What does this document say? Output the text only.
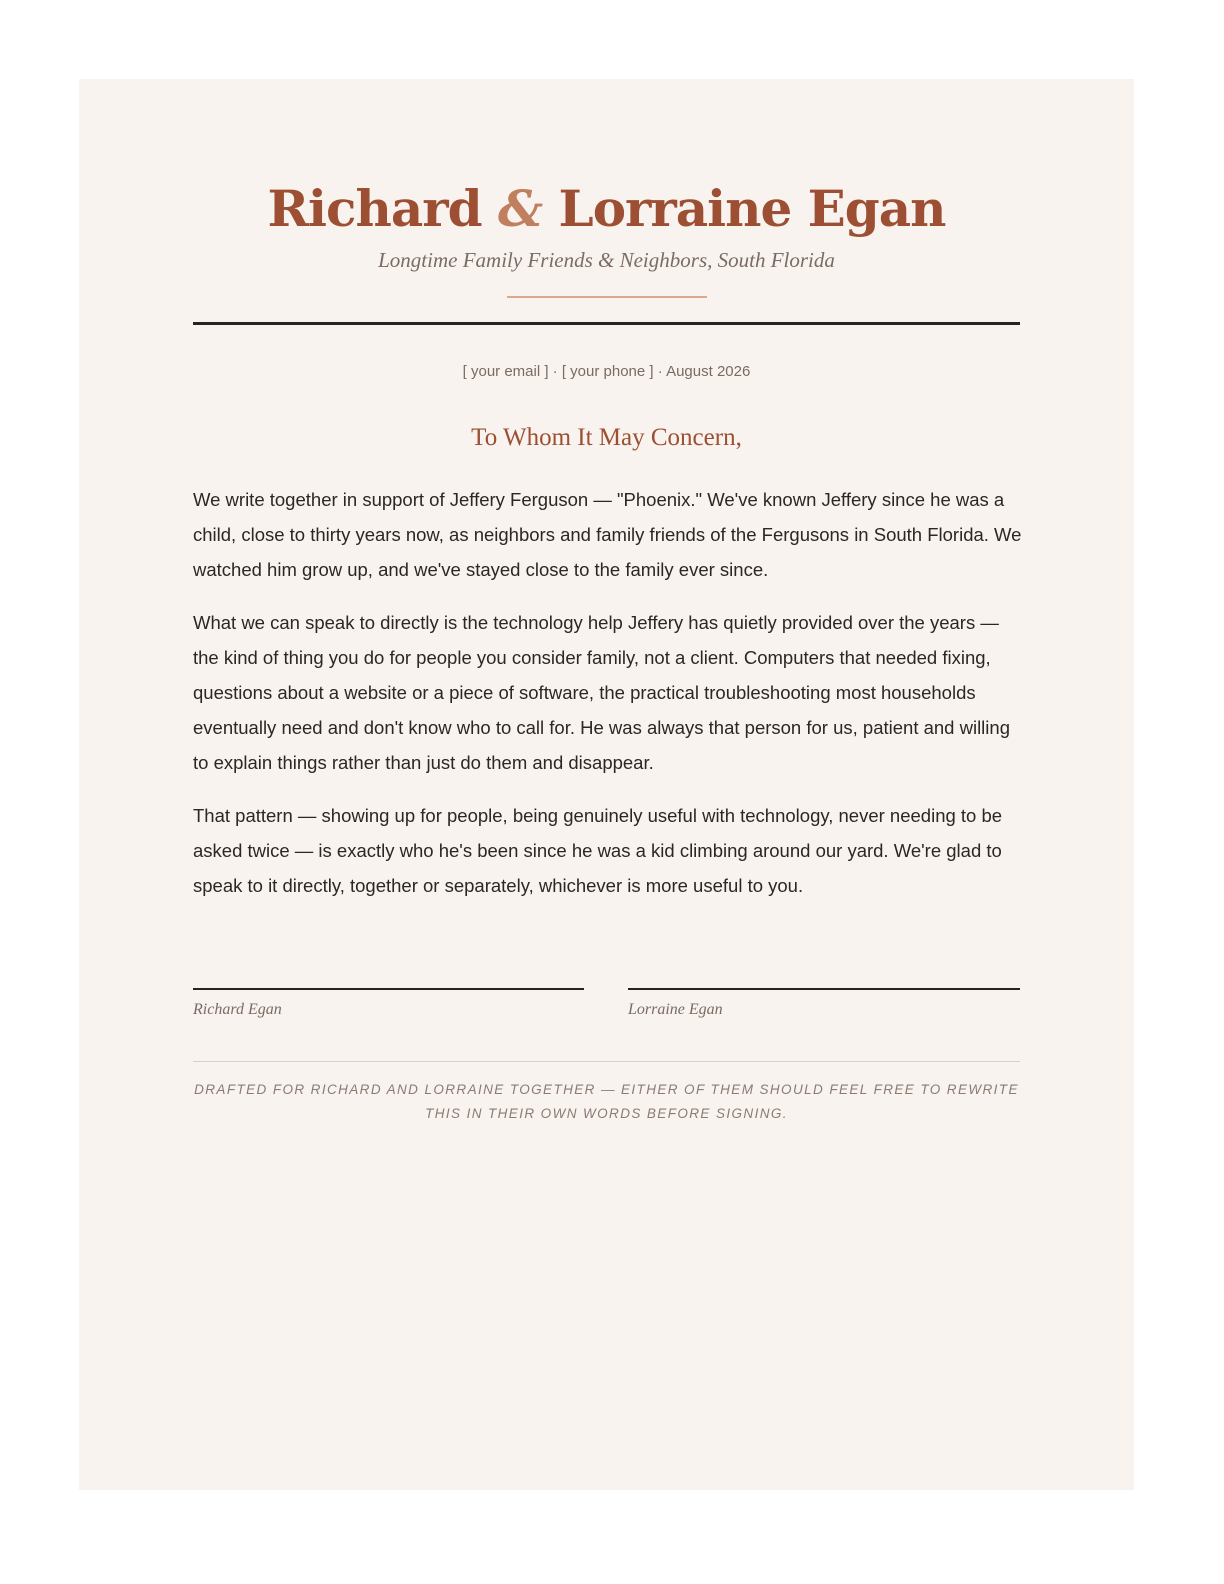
Richard & Lorraine Egan
Longtime Family Friends & Neighbors, South Florida
[ your email ] · [ your phone ] · August 2026
To Whom It May Concern,

We write together in support of Jeffery Ferguson — "Phoenix." We've known Jeffery since he was a child, close to thirty years now, as neighbors and family friends of the Fergusons in South Florida. We watched him grow up, and we've stayed close to the family ever since.

What we can speak to directly is the technology help Jeffery has quietly provided over the years — the kind of thing you do for people you consider family, not a client. Computers that needed fixing, questions about a website or a piece of software, the practical troubleshooting most households eventually need and don't know who to call for. He was always that person for us, patient and willing to explain things rather than just do them and disappear.

That pattern — showing up for people, being genuinely useful with technology, never needing to be asked twice — is exactly who he's been since he was a kid climbing around our yard. We're glad to speak to it directly, together or separately, whichever is more useful to you.

Richard Egan	Lorraine Egan
DRAFTED FOR RICHARD AND LORRAINE TOGETHER — EITHER OF THEM SHOULD FEEL FREE TO REWRITE THIS IN THEIR OWN WORDS BEFORE SIGNING.
